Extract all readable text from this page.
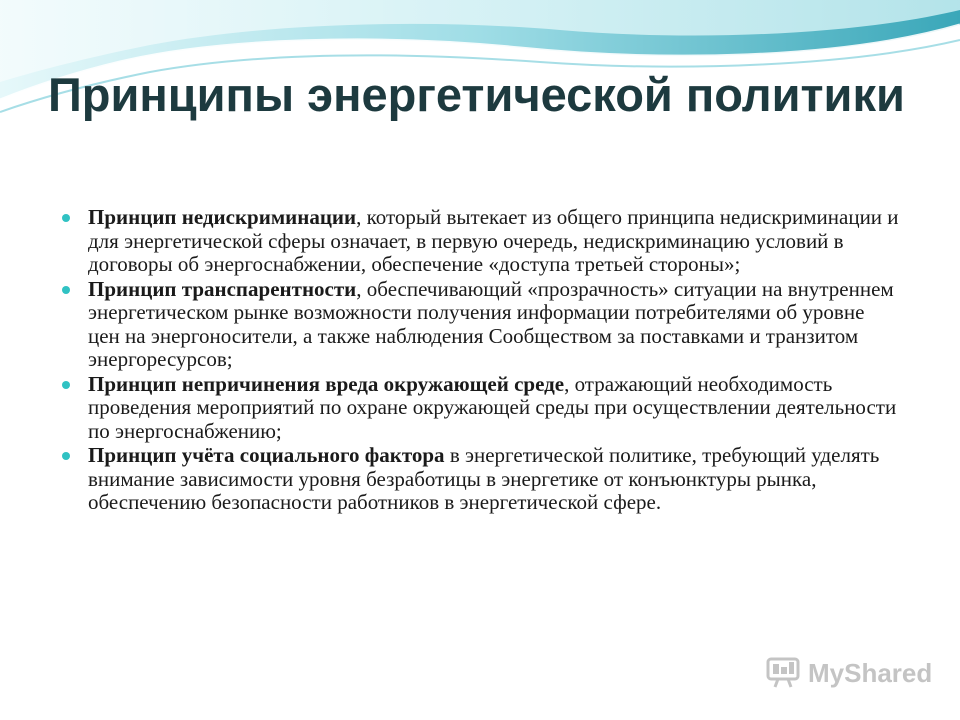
Принципы энергетической политики
Принцип недискриминации, который вытекает из общего принципа недискриминации и для энергетической сферы означает, в первую очередь, недискриминацию условий в договоры об энергоснабжении, обеспечение «доступа третьей стороны»;
Принцип транспарентности, обеспечивающий «прозрачность» ситуации на внутреннем энергетическом рынке возможности получения информации потребителями об уровне цен на энергоносители, а также наблюдения Сообществом за поставками и транзитом энергоресурсов;
Принцип непричинения вреда окружающей среде, отражающий необходимость проведения мероприятий по охране окружающей среды при осуществлении деятельности по энергоснабжению;
Принцип учёта социального фактора в энергетической политике, требующий уделять внимание зависимости уровня безработицы в энергетике от конъюнктуры рынка, обеспечению безопасности работников в энергетической сфере.
MyShared
